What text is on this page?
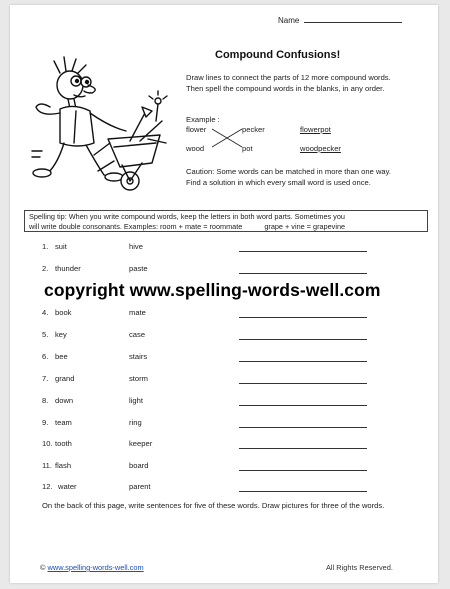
Name
Compound Confusions!
Draw lines to connect the parts of 12 more compound words. Then spell the compound words in the blanks, in any order.
Example :
flower
wood
pecker
pot
flowerpot
woodpecker
Caution: Some words can be matched in more than one way. Find a solution in which every small word is used once.
Spelling tip: When you write compound words, keep the letters in both word parts. Sometimes you
will write double consonants. Examples: room + mate = roommate	grape + vine = grapevine
1. suit	hive
2. thunder	paste
4. book	mate
5. key	case
6. bee	stairs
7. grand	storm
8. down	light
9. team	ring
10. tooth	keeper
11. flash	board
12. water	parent
copyright www.spelling-words-well.com
On the back of this page, write sentences for five of these words. Draw pictures for three of the words.
© www.spelling-words-well.com	All Rights Reserved.
